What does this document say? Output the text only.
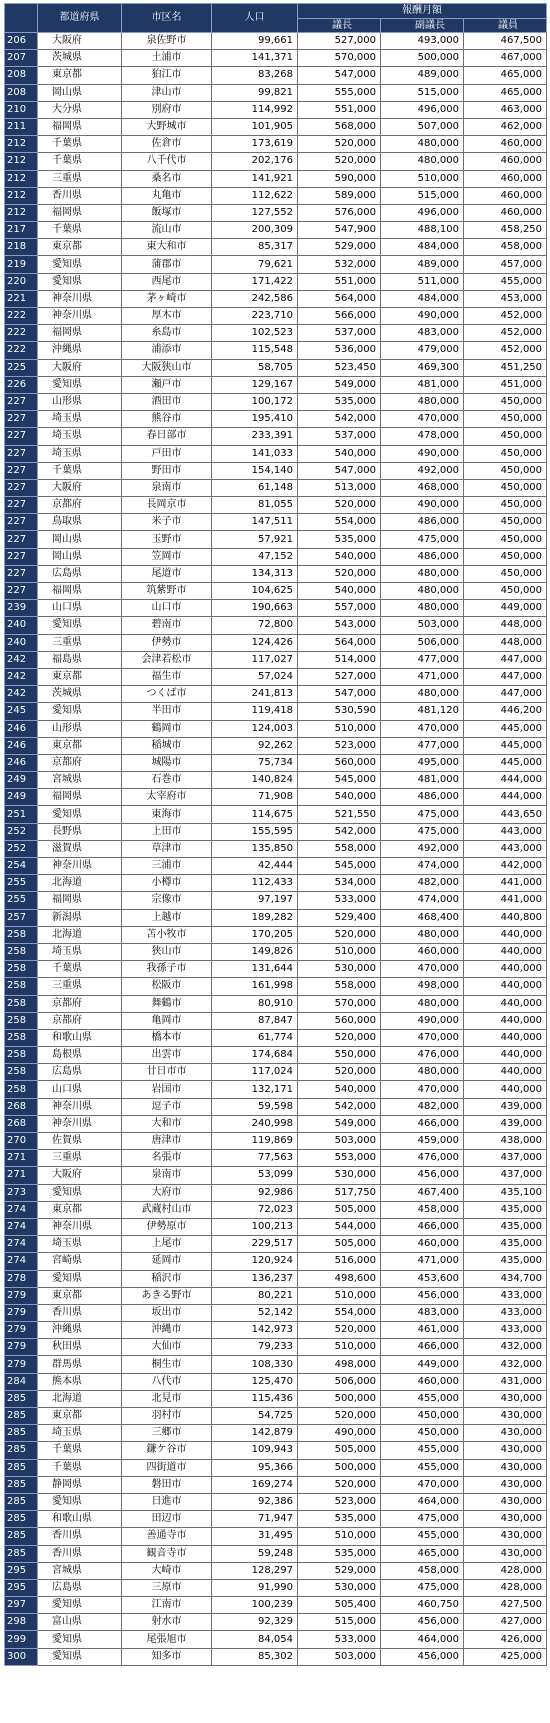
	都道府県	市区名	人口	報酬月額		
				議長	副議長	議員
206	大阪府	泉佐野市	99,661	527,000	493,000	467,500
207	茨城県	土浦市	141,371	570,000	500,000	467,000
208	東京都	狛江市	83,268	547,000	489,000	465,000
208	岡山県	津山市	99,821	555,000	515,000	465,000
210	大分県	別府市	114,992	551,000	496,000	463,000
211	福岡県	大野城市	101,905	568,000	507,000	462,000
212	千葉県	佐倉市	173,619	520,000	480,000	460,000
212	千葉県	八千代市	202,176	520,000	480,000	460,000
212	三重県	桑名市	141,921	590,000	510,000	460,000
212	香川県	丸亀市	112,622	589,000	515,000	460,000
212	福岡県	飯塚市	127,552	576,000	496,000	460,000
217	千葉県	流山市	200,309	547,900	488,100	458,250
218	東京都	東大和市	85,317	529,000	484,000	458,000
219	愛知県	蒲郡市	79,621	532,000	489,000	457,000
220	愛知県	西尾市	171,422	551,000	511,000	455,000
221	神奈川県	茅ヶ崎市	242,586	564,000	484,000	453,000
222	神奈川県	厚木市	223,710	566,000	490,000	452,000
222	福岡県	糸島市	102,523	537,000	483,000	452,000
222	沖縄県	浦添市	115,548	536,000	479,000	452,000
225	大阪府	大阪狭山市	58,705	523,450	469,300	451,250
226	愛知県	瀬戸市	129,167	549,000	481,000	451,000
227	山形県	酒田市	100,172	535,000	480,000	450,000
227	埼玉県	熊谷市	195,410	542,000	470,000	450,000
227	埼玉県	春日部市	233,391	537,000	478,000	450,000
227	埼玉県	戸田市	141,033	540,000	490,000	450,000
227	千葉県	野田市	154,140	547,000	492,000	450,000
227	大阪府	泉南市	61,148	513,000	468,000	450,000
227	京都府	長岡京市	81,055	520,000	490,000	450,000
227	鳥取県	米子市	147,511	554,000	486,000	450,000
227	岡山県	玉野市	57,921	535,000	475,000	450,000
227	岡山県	笠岡市	47,152	540,000	486,000	450,000
227	広島県	尾道市	134,313	520,000	480,000	450,000
227	福岡県	筑紫野市	104,625	540,000	480,000	450,000
239	山口県	山口市	190,663	557,000	480,000	449,000
240	愛知県	碧南市	72,800	543,000	503,000	448,000
240	三重県	伊勢市	124,426	564,000	506,000	448,000
242	福島県	会津若松市	117,027	514,000	477,000	447,000
242	東京都	福生市	57,024	527,000	471,000	447,000
242	茨城県	つくば市	241,813	547,000	480,000	447,000
245	愛知県	半田市	119,418	530,590	481,120	446,200
246	山形県	鶴岡市	124,003	510,000	470,000	445,000
246	東京都	稲城市	92,262	523,000	477,000	445,000
246	京都府	城陽市	75,734	560,000	495,000	445,000
249	宮城県	石巻市	140,824	545,000	481,000	444,000
249	福岡県	太宰府市	71,908	540,000	486,000	444,000
251	愛知県	東海市	114,675	521,550	475,000	443,650
252	長野県	上田市	155,595	542,000	475,000	443,000
252	滋賀県	草津市	135,850	558,000	492,000	443,000
254	神奈川県	三浦市	42,444	545,000	474,000	442,000
255	北海道	小樽市	112,433	534,000	482,000	441,000
255	福岡県	宗像市	97,197	533,000	474,000	441,000
257	新潟県	上越市	189,282	529,400	468,400	440,800
258	北海道	苫小牧市	170,205	520,000	480,000	440,000
258	埼玉県	狭山市	149,826	510,000	460,000	440,000
258	千葉県	我孫子市	131,644	530,000	470,000	440,000
258	三重県	松阪市	161,998	558,000	498,000	440,000
258	京都府	舞鶴市	80,910	570,000	480,000	440,000
258	京都府	亀岡市	87,847	560,000	490,000	440,000
258	和歌山県	橋本市	61,774	520,000	470,000	440,000
258	島根県	出雲市	174,684	550,000	476,000	440,000
258	広島県	廿日市市	117,024	520,000	480,000	440,000
258	山口県	岩国市	132,171	540,000	470,000	440,000
268	神奈川県	逗子市	59,598	542,000	482,000	439,000
268	神奈川県	大和市	240,998	549,000	466,000	439,000
270	佐賀県	唐津市	119,869	503,000	459,000	438,000
271	三重県	名張市	77,563	553,000	476,000	437,000
271	大阪府	泉南市	53,099	530,000	456,000	437,000
273	愛知県	大府市	92,986	517,750	467,400	435,100
274	東京都	武蔵村山市	72,023	505,000	458,000	435,000
274	神奈川県	伊勢原市	100,213	544,000	466,000	435,000
274	埼玉県	上尾市	229,517	505,000	460,000	435,000
274	宮崎県	延岡市	120,924	516,000	471,000	435,000
278	愛知県	稲沢市	136,237	498,600	453,600	434,700
279	東京都	あきる野市	80,221	510,000	456,000	433,000
279	香川県	坂出市	52,142	554,000	483,000	433,000
279	沖縄県	沖縄市	142,973	520,000	461,000	433,000
279	秋田県	大仙市	79,233	510,000	466,000	432,000
279	群馬県	桐生市	108,330	498,000	449,000	432,000
284	熊本県	八代市	125,470	506,000	460,000	431,000
285	北海道	北見市	115,436	500,000	455,000	430,000
285	東京都	羽村市	54,725	520,000	450,000	430,000
285	埼玉県	三郷市	142,879	490,000	450,000	430,000
285	千葉県	鎌ケ谷市	109,943	505,000	455,000	430,000
285	千葉県	四街道市	95,366	500,000	455,000	430,000
285	静岡県	磐田市	169,274	520,000	470,000	430,000
285	愛知県	日進市	92,386	523,000	464,000	430,000
285	和歌山県	田辺市	71,947	535,000	475,000	430,000
285	香川県	善通寺市	31,495	510,000	455,000	430,000
285	香川県	観音寺市	59,248	535,000	465,000	430,000
295	宮城県	大崎市	128,297	529,000	458,000	428,000
295	広島県	三原市	91,990	530,000	475,000	428,000
297	愛知県	江南市	100,239	505,400	460,750	427,500
298	富山県	射水市	92,329	515,000	456,000	427,000
299	愛知県	尾張旭市	84,054	533,000	464,000	426,000
300	愛知県	知多市	85,302	503,000	456,000	425,000
